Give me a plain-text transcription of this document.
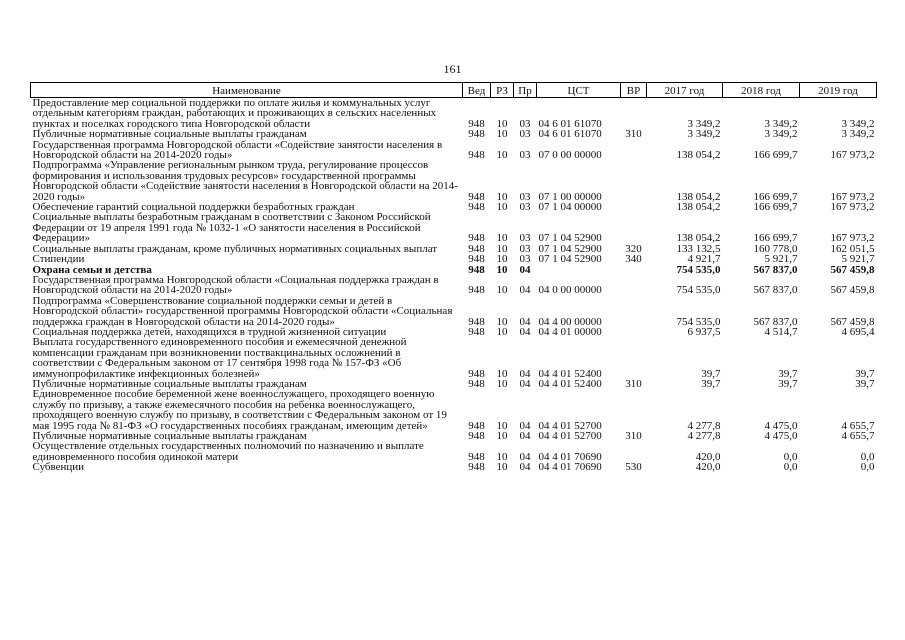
161
Наименование	Вед	РЗ	Пр	ЦСТ	ВР	2017 год	2018 год	2019 год
Предоставление мер социальной поддержки по оплате жилья и коммунальных услуг отдельным категориям граждан, работающих и проживающих в сельских населенных пунктах и поселках городского типа Новгородской области	948	10	03	04 6 01 61070		3 349,2	3 349,2	3 349,2
Публичные нормативные социальные выплаты гражданам	948	10	03	04 6 01 61070	310	3 349,2	3 349,2	3 349,2
Государственная программа Новгородской области «Содействие занятости населения в Новгородской области на 2014-2020 годы»	948	10	03	07 0 00 00000		138 054,2	166 699,7	167 973,2
Подпрограмма «Управление региональным рынком труда, регулирование процессов формирования и использования трудовых ресурсов» государственной программы Новгородской области «Содействие занятости населения в Новгородской области на 2014-2020 годы»	948	10	03	07 1 00 00000		138 054,2	166 699,7	167 973,2
Обеспечение гарантий социальной поддержки безработных граждан	948	10	03	07 1 04 00000		138 054,2	166 699,7	167 973,2
Социальные выплаты безработным гражданам в соответствии с Законом Российской Федерации от 19 апреля 1991 года № 1032-1 «О занятости населения в Российской Федерации»	948	10	03	07 1 04 52900		138 054,2	166 699,7	167 973,2
Социальные выплаты гражданам, кроме публичных нормативных социальных выплат	948	10	03	07 1 04 52900	320	133 132,5	160 778,0	162 051,5
Стипендии	948	10	03	07 1 04 52900	340	4 921,7	5 921,7	5 921,7
Охрана семьи и детства	948	10	04			754 535,0	567 837,0	567 459,8
Государственная программа Новгородской области «Социальная поддержка граждан в Новгородской области на 2014-2020 годы»	948	10	04	04 0 00 00000		754 535,0	567 837,0	567 459,8
Подпрограмма «Совершенствование социальной поддержки семьи и детей в Новгородской области» государственной программы Новгородской области «Социальная поддержка граждан в Новгородской области на 2014-2020 годы»	948	10	04	04 4 00 00000		754 535,0	567 837,0	567 459,8
Социальная поддержка детей, находящихся в трудной жизненной ситуации	948	10	04	04 4 01 00000		6 937,5	4 514,7	4 695,4
Выплата государственного единовременного пособия и ежемесячной денежной компенсации гражданам при возникновении поствакцинальных осложнений в соответствии с Федеральным законом от 17 сентября 1998 года № 157-ФЗ «Об иммунопрофилактике инфекционных болезней»	948	10	04	04 4 01 52400		39,7	39,7	39,7
Публичные нормативные социальные выплаты гражданам	948	10	04	04 4 01 52400	310	39,7	39,7	39,7
Единовременное пособие беременной жене военнослужащего, проходящего военную службу по призыву, а также ежемесячного пособия на ребенка военнослужащего, проходящего военную службу по призыву, в соответствии с Федеральным законом от 19 мая 1995 года № 81-ФЗ «О государственных пособиях гражданам, имеющим детей»	948	10	04	04 4 01 52700		4 277,8	4 475,0	4 655,7
Публичные нормативные социальные выплаты гражданам	948	10	04	04 4 01 52700	310	4 277,8	4 475,0	4 655,7
Осуществление отдельных государственных полномочий по назначению и выплате единовременного пособия одинокой матери	948	10	04	04 4 01 70690		420,0	0,0	0,0
Субвенции	948	10	04	04 4 01 70690	530	420,0	0,0	0,0
